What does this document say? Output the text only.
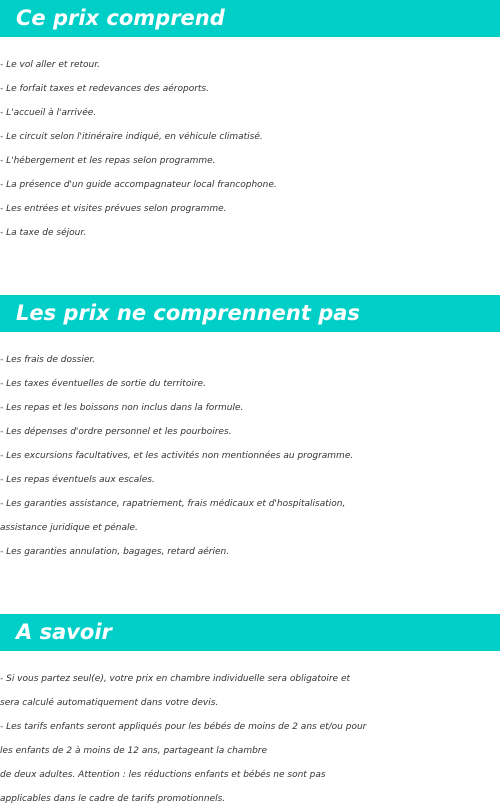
Ce prix comprend
- Le vol aller et retour.
- Le forfait taxes et redevances des aéroports.
- L'accueil à l'arrivée.
- Le circuit selon l'itinéraire indiqué, en véhicule climatisé.
- L'hébergement et les repas selon programme.
- La présence d'un guide accompagnateur local francophone.
- Les entrées et visites prévues selon programme.
- La taxe de séjour.
Les prix ne comprennent pas
- Les frais de dossier.
- Les taxes éventuelles de sortie du territoire.
- Les repas et les boissons non inclus dans la formule.
- Les dépenses d'ordre personnel et les pourboires.
- Les excursions facultatives, et les activités non mentionnées au programme.
- Les repas éventuels aux escales.
- Les garanties assistance, rapatriement, frais médicaux et d'hospitalisation,
assistance juridique et pénale.
- Les garanties annulation, bagages, retard aérien.
A savoir
- Si vous partez seul(e), votre prix en chambre individuelle sera obligatoire et
sera calculé automatiquement dans votre devis.
- Les tarifs enfants seront appliqués pour les bébés de moins de 2 ans et/ou pour
les enfants de 2 à moins de 12 ans, partageant la chambre
de deux adultes. Attention : les réductions enfants et bébés ne sont pas
applicables dans le cadre de tarifs promotionnels.
